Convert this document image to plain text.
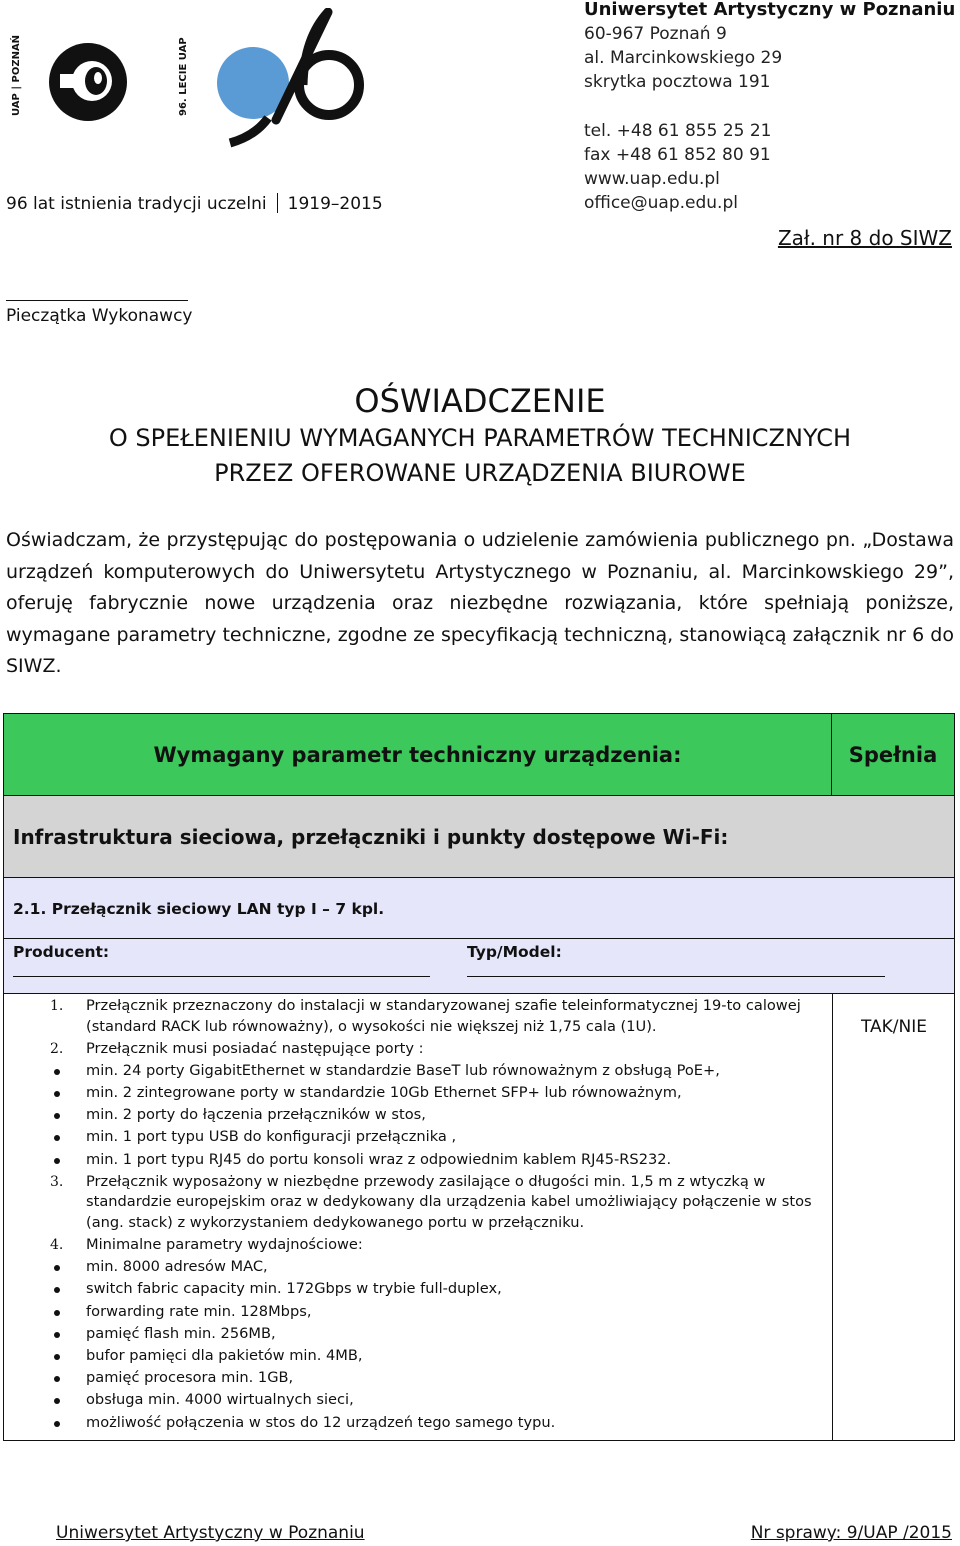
UAP | POZNAŃ	96. LECIE UAP
96 lat istnienia tradycji uczelni 1919–2015
Uniwersytet Artystyczny w Poznaniu
60-967 Poznań 9
al. Marcinkowskiego 29
skrytka pocztowa 191
tel. +48 61 855 25 21
fax +48 61 852 80 91
www.uap.edu.pl
office@uap.edu.pl
Zał. nr 8 do SIWZ
Pieczątka Wykonawcy
OŚWIADCZENIE
O SPEŁENIENIU WYMAGANYCH PARAMETRÓW TECHNICZNYCH
PRZEZ OFEROWANE URZĄDZENIA BIUROWE
Oświadczam, że przystępując do postępowania o udzielenie zamówienia publicznego pn. „Dostawa urządzeń komputerowych do Uniwersytetu Artystycznego w Poznaniu, al. Marcinkowskiego 29”, oferuję fabrycznie nowe urządzenia oraz niezbędne rozwiązania, które spełniają poniższe, wymagane parametry techniczne, zgodne ze specyfikacją techniczną, stanowiącą załącznik nr 6 do SIWZ.
Wymagany parametr techniczny urządzenia:	Spełnia
Infrastruktura sieciowa, przełączniki i punkty dostępowe Wi-Fi:
2.1. Przełącznik sieciowy LAN typ I – 7 kpl.
Producent:	Typ/Model:
1.	Przełącznik przeznaczony do instalacji w standaryzowanej szafie teleinformatycznej 19-to calowej (standard RACK lub równoważny), o wysokości nie większej niż 1,75 cala (1U).
2.	Przełącznik musi posiadać następujące porty :
min. 24 porty GigabitEthernet w standardzie BaseT lub równoważnym z obsługą PoE+,
min. 2 zintegrowane porty w standardzie 10Gb Ethernet SFP+ lub równoważnym,
min. 2 porty do łączenia przełączników w stos,
min. 1 port typu USB do konfiguracji przełącznika ,
min. 1 port typu RJ45 do portu konsoli wraz z odpowiednim kablem RJ45-RS232.
3.	Przełącznik wyposażony w niezbędne przewody zasilające o długości min. 1,5 m z wtyczką w standardzie europejskim oraz w dedykowany dla urządzenia kabel umożliwiający połączenie w stos (ang. stack) z wykorzystaniem dedykowanego portu w przełączniku.
4.	Minimalne parametry wydajnościowe:
min. 8000 adresów MAC,
switch fabric capacity min. 172Gbps w trybie full-duplex,
forwarding rate min. 128Mbps,
pamięć flash min. 256MB,
bufor pamięci dla pakietów min. 4MB,
pamięć procesora min. 1GB,
obsługa min. 4000 wirtualnych sieci,
możliwość połączenia w stos do 12 urządzeń tego samego typu.
TAK/NIE
Uniwersytet Artystyczny w Poznaniu	Nr sprawy: 9/UAP /2015
